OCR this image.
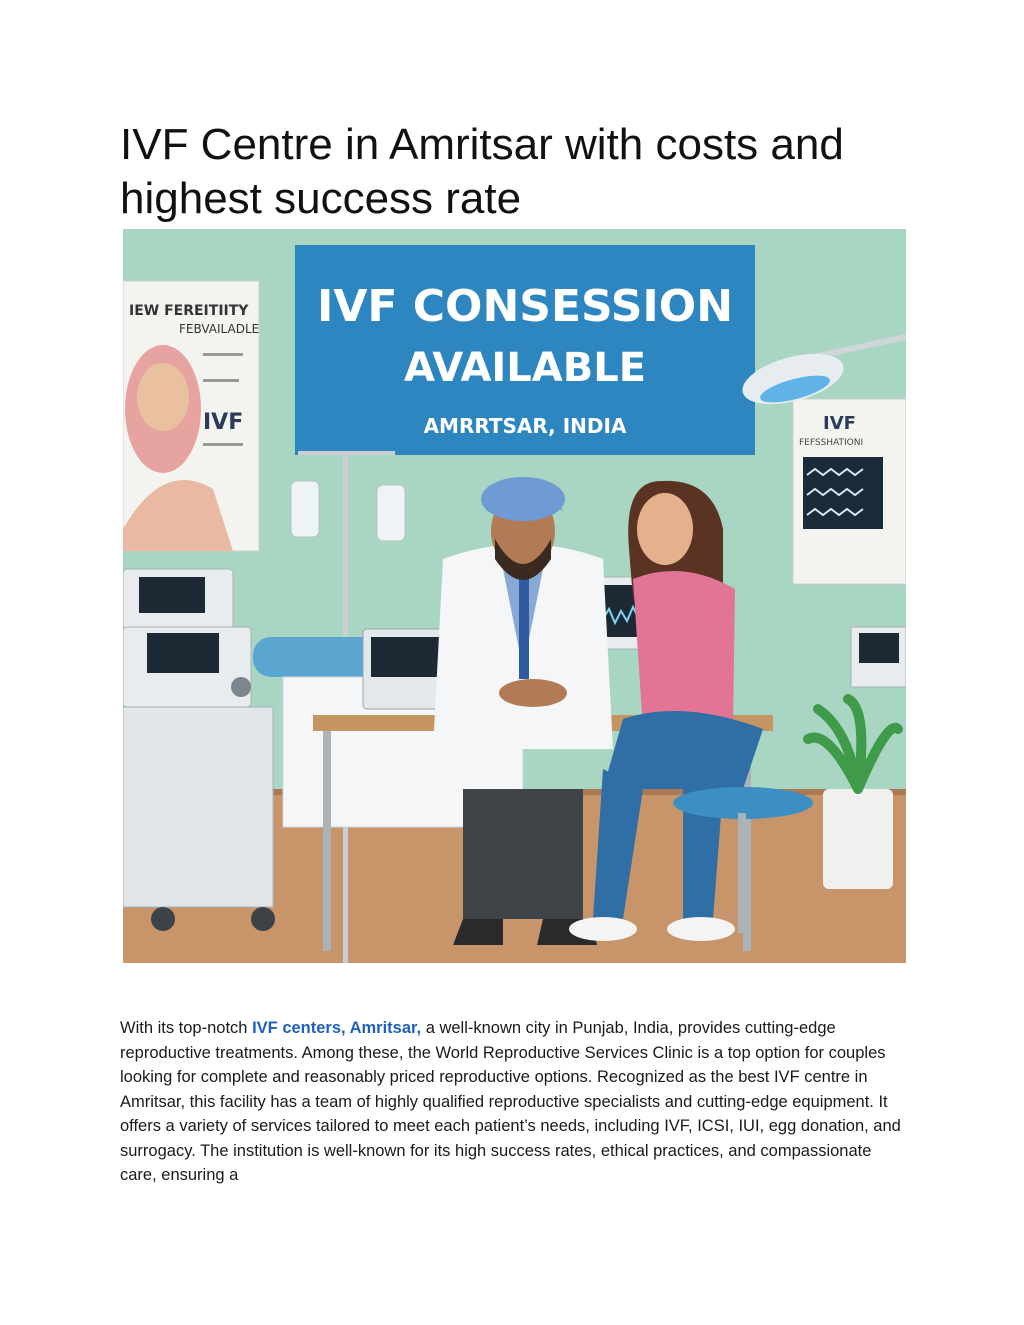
IVF Centre in Amritsar with costs and highest success rate
IEW FEREITIITY
FEBVAILADLE
IVF
IVF CONSESSION
AVAILABLE
AMRRTSAR, INDIA	IVF
FEFSSHATIONI

With its top-notch IVF centers, Amritsar, a well-known city in Punjab, India, provides cutting-edge reproductive treatments. Among these, the World Reproductive Services Clinic is a top option for couples looking for complete and reasonably priced reproductive options. Recognized as the best IVF centre in Amritsar, this facility has a team of highly qualified reproductive specialists and cutting-edge equipment. It offers a variety of services tailored to meet each patient’s needs, including IVF, ICSI, IUI, egg donation, and surrogacy. The institution is well-known for its high success rates, ethical practices, and compassionate care, ensuring a
